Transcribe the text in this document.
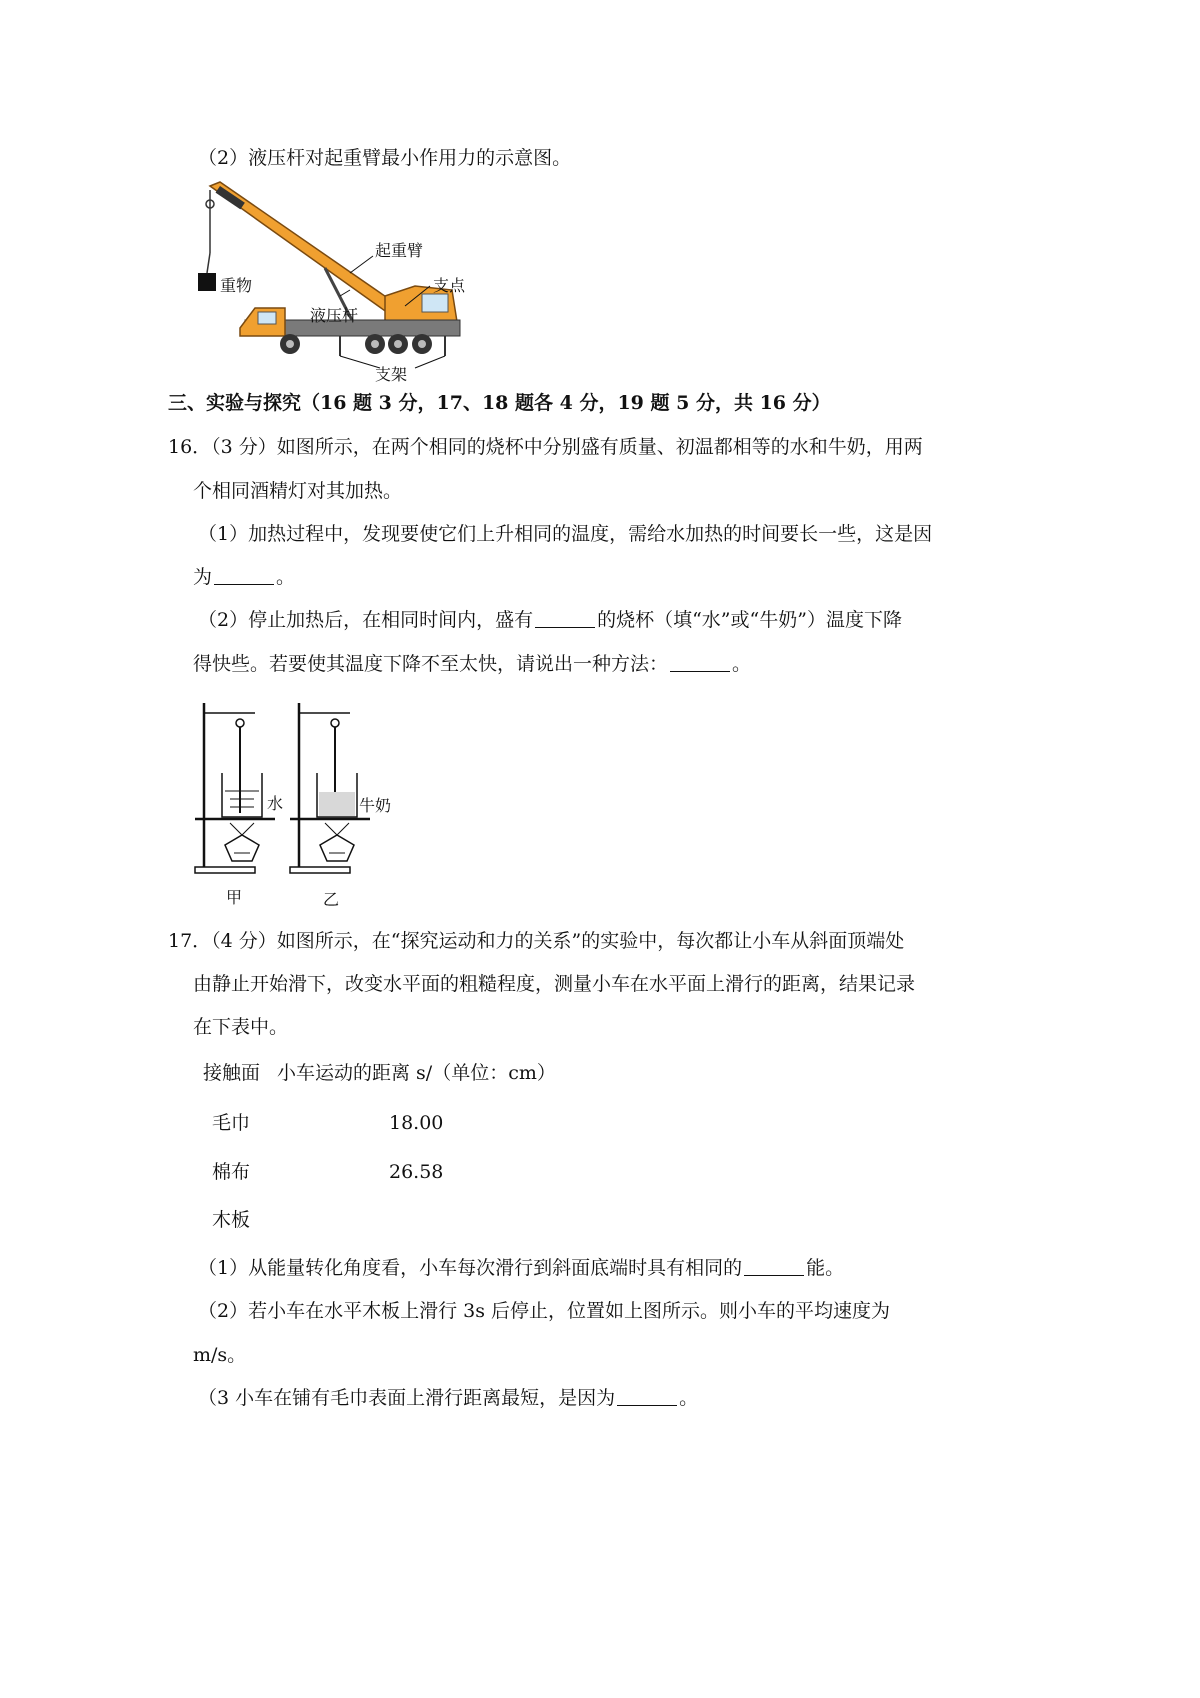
（2）液压杆对起重臂最小作用力的示意图。
起重臂
重物	支点
液压杆
支架
三、实验与探究（16 题 3 分，17、18 题各 4 分，19 题 5 分，共 16 分）
16．（3 分）如图所示，在两个相同的烧杯中分别盛有质量、初温都相等的水和牛奶，用两
个相同酒精灯对其加热。
（1）加热过程中，发现要使它们上升相同的温度，需给水加热的时间要长一些，这是因
为	。
（2）停止加热后，在相同时间内，盛有	的烧杯（填“水”或“牛奶”）温度下降
得快些。若要使其温度下降不至太快，请说出一种方法：	。
水	牛奶
甲	乙
17．（4 分）如图所示，在“探究运动和力的关系”的实验中，每次都让小车从斜面顶端处
由静止开始滑下，改变水平面的粗糙程度，测量小车在水平面上滑行的距离，结果记录
在下表中。
接触面 小车运动的距离 s/（单位：cm）
毛巾	18.00
棉布	26.58
木板
（1）从能量转化角度看，小车每次滑行到斜面底端时具有相同的	能。
（2）若小车在水平木板上滑行 3s 后停止，位置如上图所示。则小车的平均速度为
m/s。
（3 小车在铺有毛巾表面上滑行距离最短，是因为	。
